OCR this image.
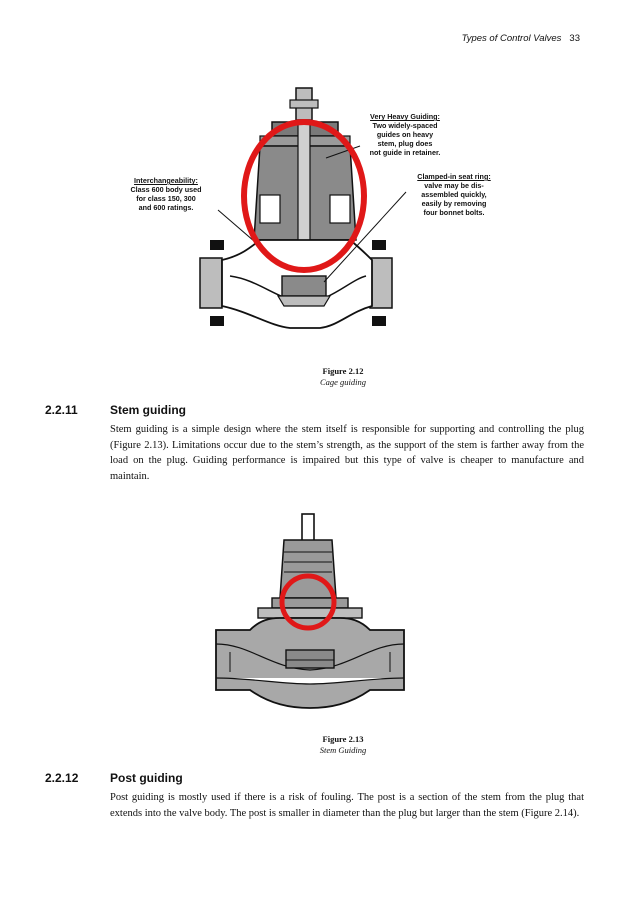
Types of Control Valves 33
Interchangeability:
Class 600 body used
for class 150, 300
and 600 ratings.
Very Heavy Guiding:
Two widely-spaced
guides on heavy
stem, plug does
not guide in retainer.
Clamped-in seat ring:
valve may be dis-
assembled quickly,
easily by removing
four bonnet bolts.
Figure 2.12
Cage guiding
2.2.11	Stem guiding
Stem guiding is a simple design where the stem itself is responsible for supporting and controlling the plug (Figure 2.13). Limitations occur due to the stem’s strength, as the support of the stem is farther away from the load on the plug. Guiding performance is impaired but this type of valve is cheaper to manufacture and maintain.
Figure 2.13
Stem Guiding
2.2.12	Post guiding
Post guiding is mostly used if there is a risk of fouling. The post is a section of the stem from the plug that extends into the valve body. The post is smaller in diameter than the plug but larger than the stem (Figure 2.14).
